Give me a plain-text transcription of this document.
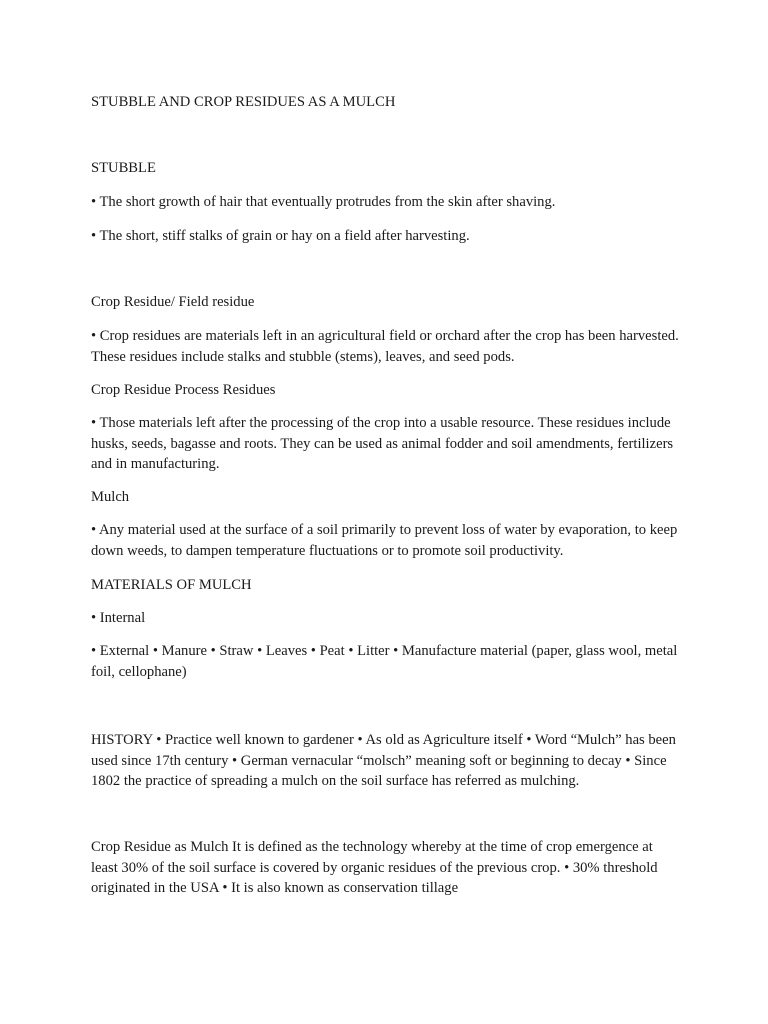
STUBBLE AND CROP RESIDUES AS A MULCH

STUBBLE

• The short growth of hair that eventually protrudes from the skin after shaving.

• The short, stiff stalks of grain or hay on a field after harvesting.

Crop Residue/ Field residue

• Crop residues are materials left in an agricultural field or orchard after the crop has been harvested. These residues include stalks and stubble (stems), leaves, and seed pods.

Crop Residue Process Residues

• Those materials left after the processing of the crop into a usable resource. These residues include husks, seeds, bagasse and roots. They can be used as animal fodder and soil amendments, fertilizers and in manufacturing.

Mulch

• Any material used at the surface of a soil primarily to prevent loss of water by evaporation, to keep down weeds, to dampen temperature fluctuations or to promote soil productivity.

MATERIALS OF MULCH

• Internal

• External • Manure • Straw • Leaves • Peat • Litter • Manufacture material (paper, glass wool, metal foil, cellophane)

HISTORY • Practice well known to gardener • As old as Agriculture itself • Word “Mulch” has been used since 17th century • German vernacular “molsch” meaning soft or beginning to decay • Since 1802 the practice of spreading a mulch on the soil surface has referred as mulching.

Crop Residue as Mulch It is defined as the technology whereby at the time of crop emergence at least 30% of the soil surface is covered by organic residues of the previous crop. • 30% threshold originated in the USA • It is also known as conservation tillage
